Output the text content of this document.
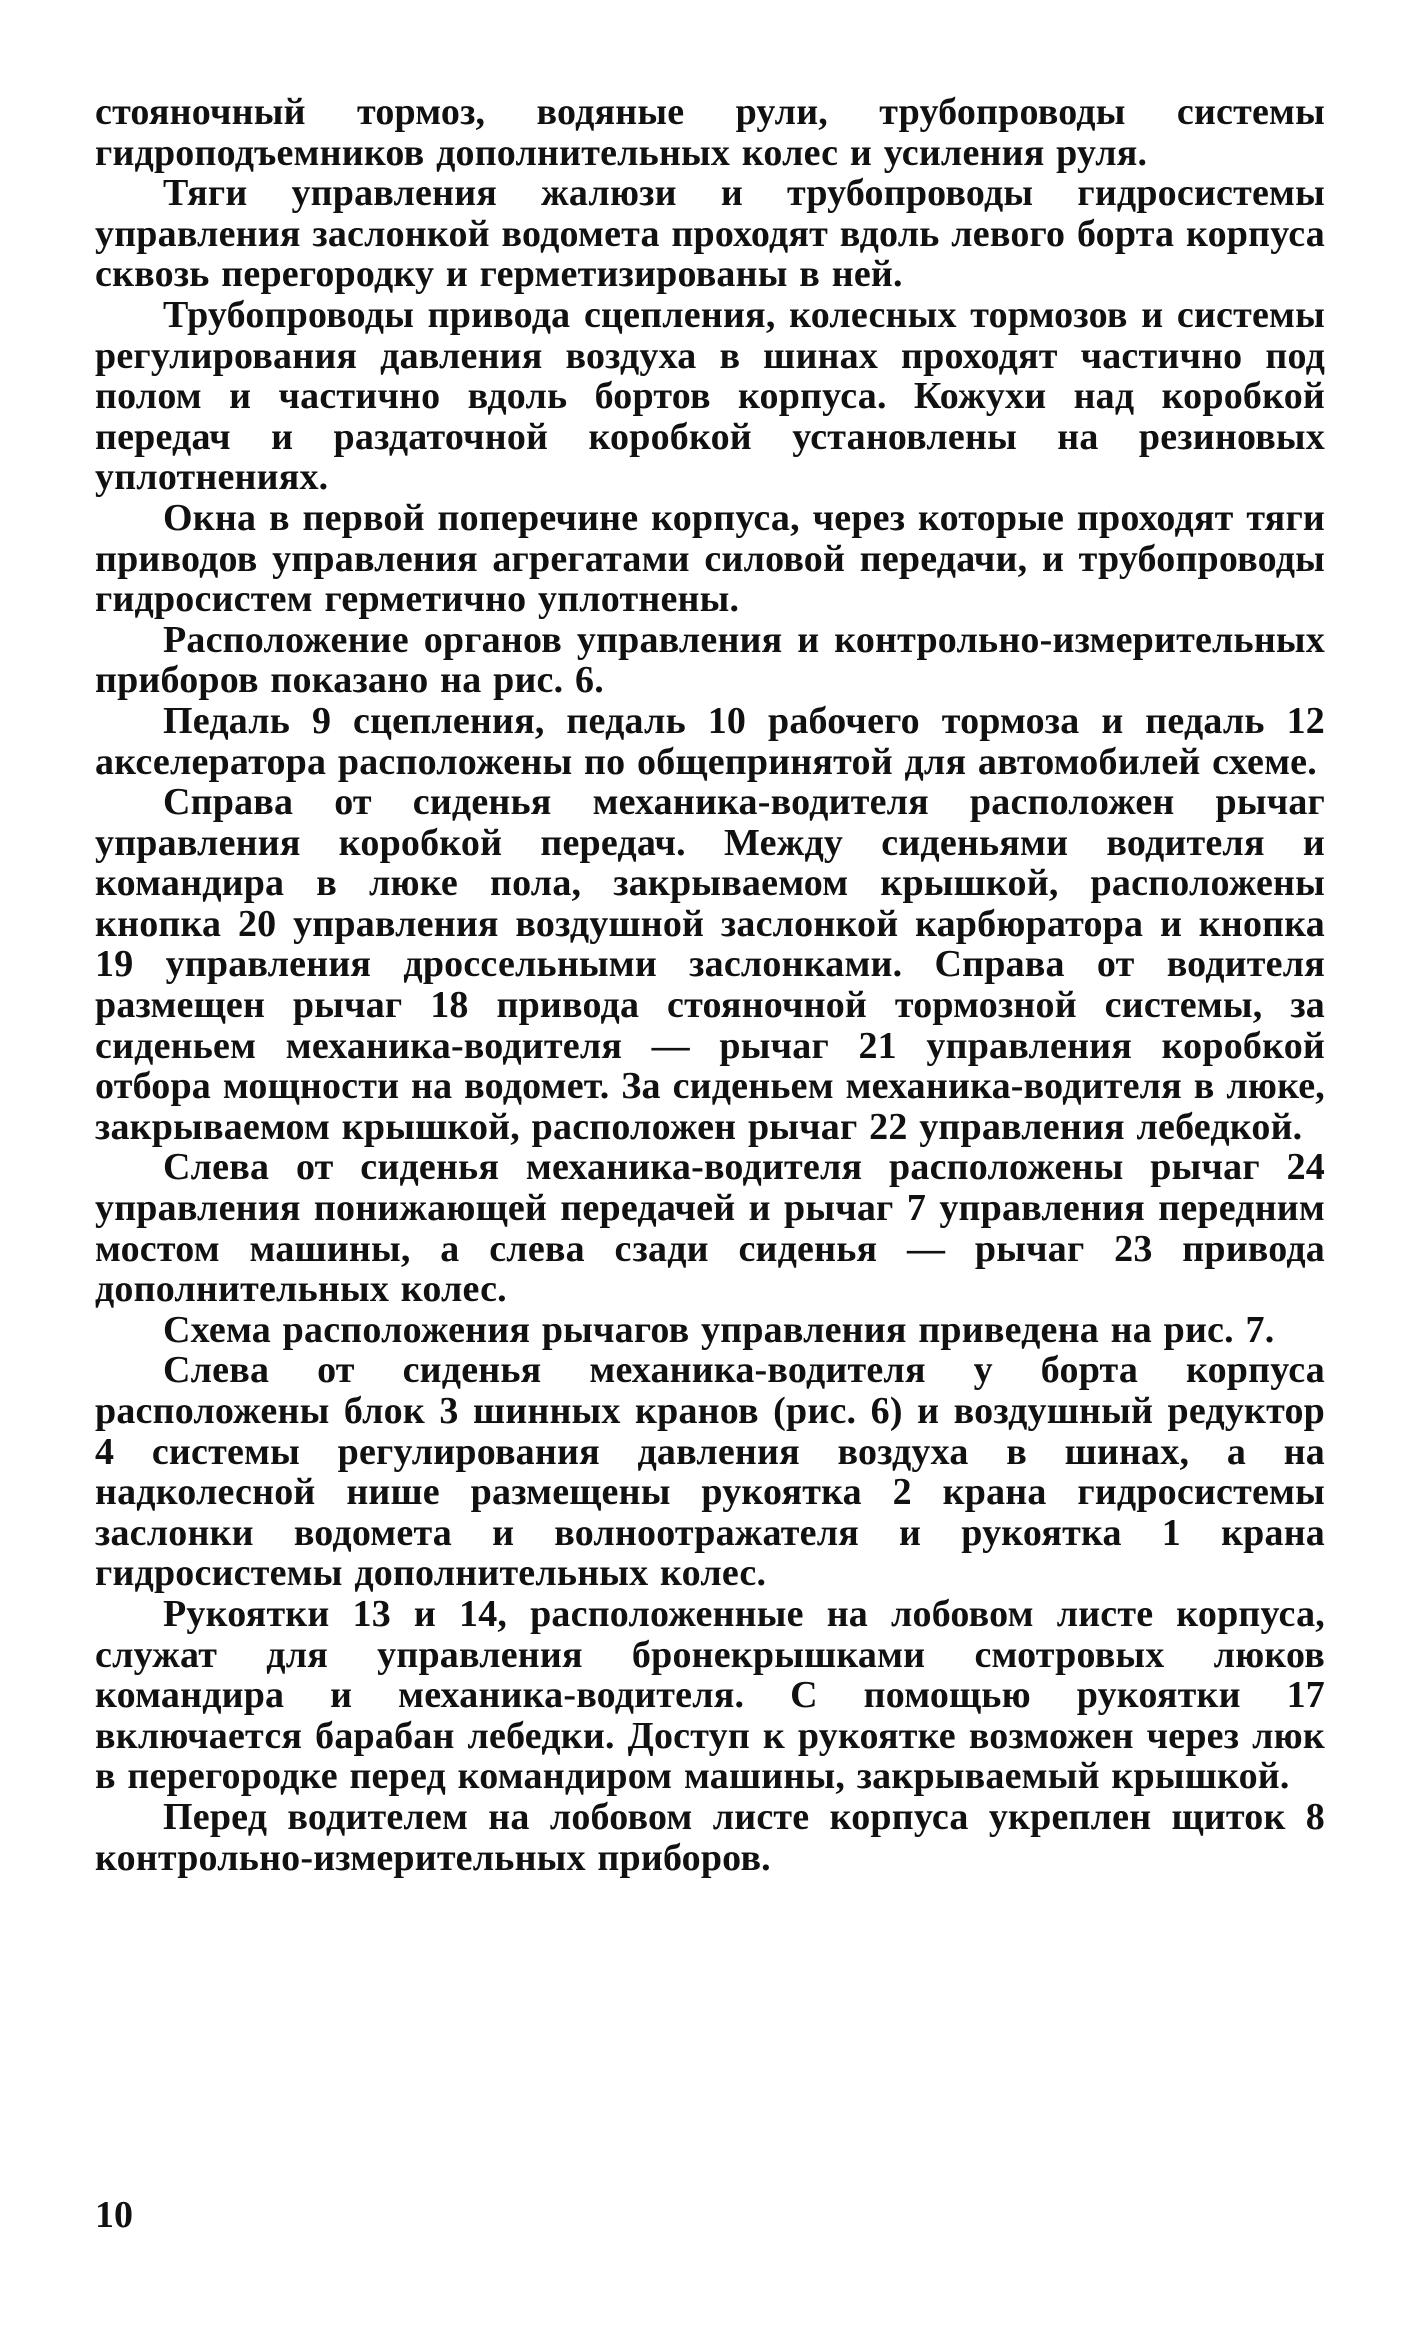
стояночный тормоз, водяные рули, трубопроводы системы гидроподъемников дополнительных колес и усиления руля.

Тяги управления жалюзи и трубопроводы гидросистемы управления заслонкой водомета проходят вдоль левого борта корпуса сквозь перегородку и герметизированы в ней.

Трубопроводы привода сцепления, колесных тормозов и системы регулирования давления воздуха в шинах проходят частично под полом и частично вдоль бортов корпуса. Кожухи над коробкой передач и раздаточной коробкой установлены на резиновых уплотнениях.

Окна в первой поперечине корпуса, через которые проходят тяги приводов управления агрегатами силовой передачи, и трубопроводы гидросистем герметично уплотнены.

Расположение органов управления и контрольно-измерительных приборов показано на рис. 6.

Педаль 9 сцепления, педаль 10 рабочего тормоза и педаль 12 акселератора расположены по общепринятой для автомобилей схеме.

Справа от сиденья механика-водителя расположен рычаг управления коробкой передач. Между сиденьями водителя и командира в люке пола, закрываемом крышкой, расположены кнопка 20 управления воздушной заслонкой карбюратора и кнопка 19 управления дроссельными заслонками. Справа от водителя размещен рычаг 18 привода стояночной тормозной системы, за сиденьем механика-водителя — рычаг 21 управления коробкой отбора мощности на водомет. За сиденьем механика-водителя в люке, закрываемом крышкой, расположен рычаг 22 управления лебедкой.

Слева от сиденья механика-водителя расположены рычаг 24 управления понижающей передачей и рычаг 7 управления передним мостом машины, а слева сзади сиденья — рычаг 23 привода дополнительных колес.

Схема расположения рычагов управления приведена на рис. 7.

Слева от сиденья механика-водителя у борта корпуса расположены блок 3 шинных кранов (рис. 6) и воздушный редуктор 4 системы регулирования давления воздуха в шинах, а на надколесной нише размещены рукоятка 2 крана гидросистемы заслонки водомета и волноотражателя и рукоятка 1 крана гидросистемы дополнительных колес.

Рукоятки 13 и 14, расположенные на лобовом листе корпуса, служат для управления бронекрышками смотровых люков командира и механика-водителя. С помощью рукоятки 17 включается барабан лебедки. Доступ к рукоятке возможен через люк в перегородке перед командиром машины, закрываемый крышкой.

Перед водителем на лобовом листе корпуса укреплен щиток 8 контрольно-измерительных приборов.

10
